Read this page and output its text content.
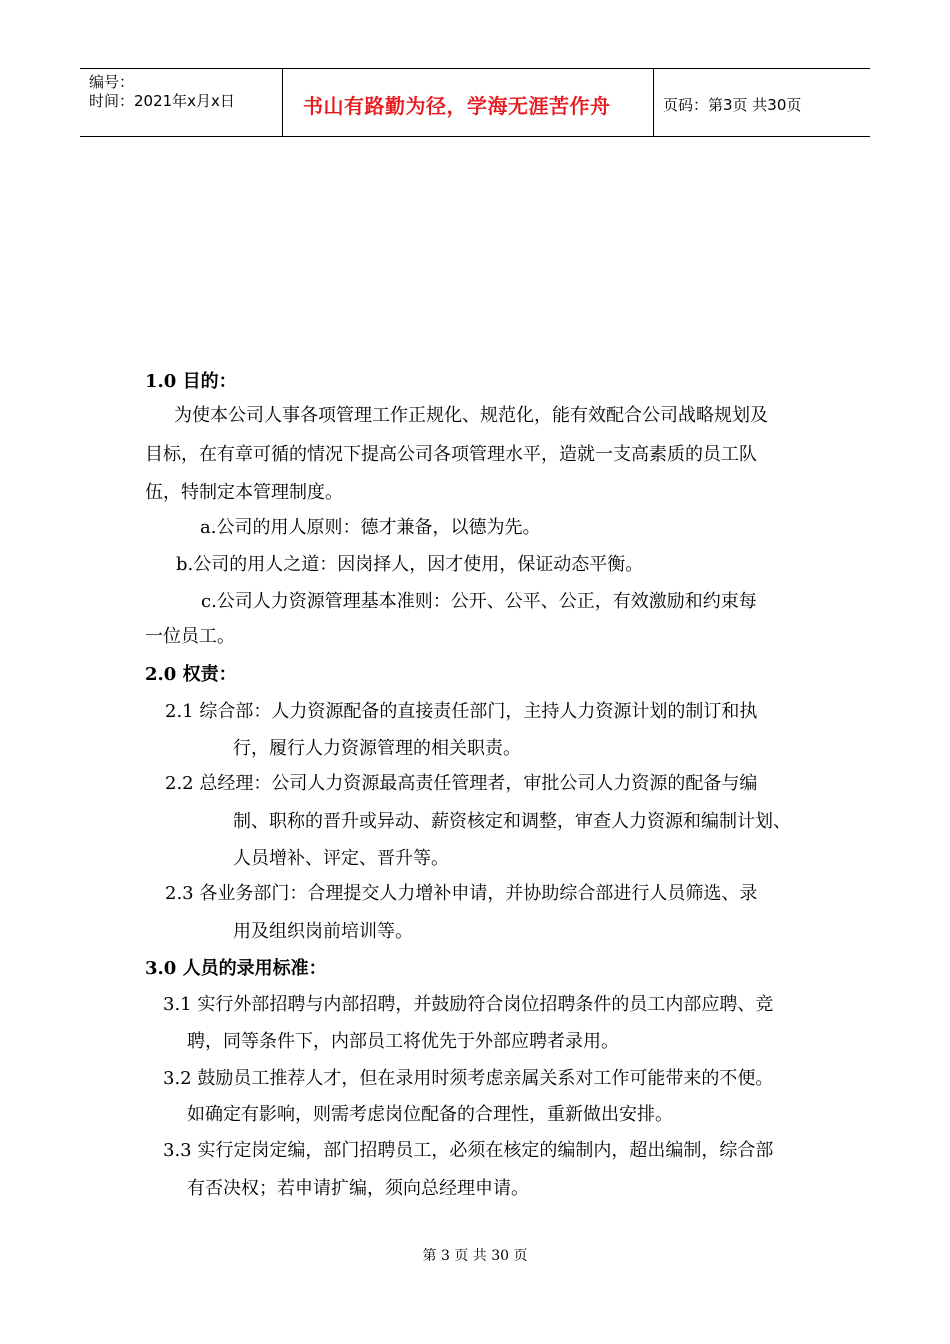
编号：
时间：2021年x月x日	书山有路勤为径，学海无涯苦作舟	页码：第3页 共30页
1.0 目的：
为使本公司人事各项管理工作正规化、规范化，能有效配合公司战略规划及
目标，在有章可循的情况下提高公司各项管理水平，造就一支高素质的员工队
伍，特制定本管理制度。
a.公司的用人原则：德才兼备，以德为先。
b.公司的用人之道：因岗择人，因才使用，保证动态平衡。
c.公司人力资源管理基本准则：公开、公平、公正，有效激励和约束每
一位员工。
2.0 权责：
2.1 综合部：人力资源配备的直接责任部门，主持人力资源计划的制订和执
行，履行人力资源管理的相关职责。
2.2 总经理：公司人力资源最高责任管理者，审批公司人力资源的配备与编
制、职称的晋升或异动、薪资核定和调整，审查人力资源和编制计划、
人员增补、评定、晋升等。
2.3 各业务部门：合理提交人力增补申请，并协助综合部进行人员筛选、录
用及组织岗前培训等。
3.0 人员的录用标准：
3.1 实行外部招聘与内部招聘，并鼓励符合岗位招聘条件的员工内部应聘、竞
聘，同等条件下，内部员工将优先于外部应聘者录用。
3.2 鼓励员工推荐人才，但在录用时须考虑亲属关系对工作可能带来的不便。
如确定有影响，则需考虑岗位配备的合理性，重新做出安排。
3.3 实行定岗定编，部门招聘员工，必须在核定的编制内，超出编制，综合部
有否决权；若申请扩编，须向总经理申请。
第 3 页 共 30 页
